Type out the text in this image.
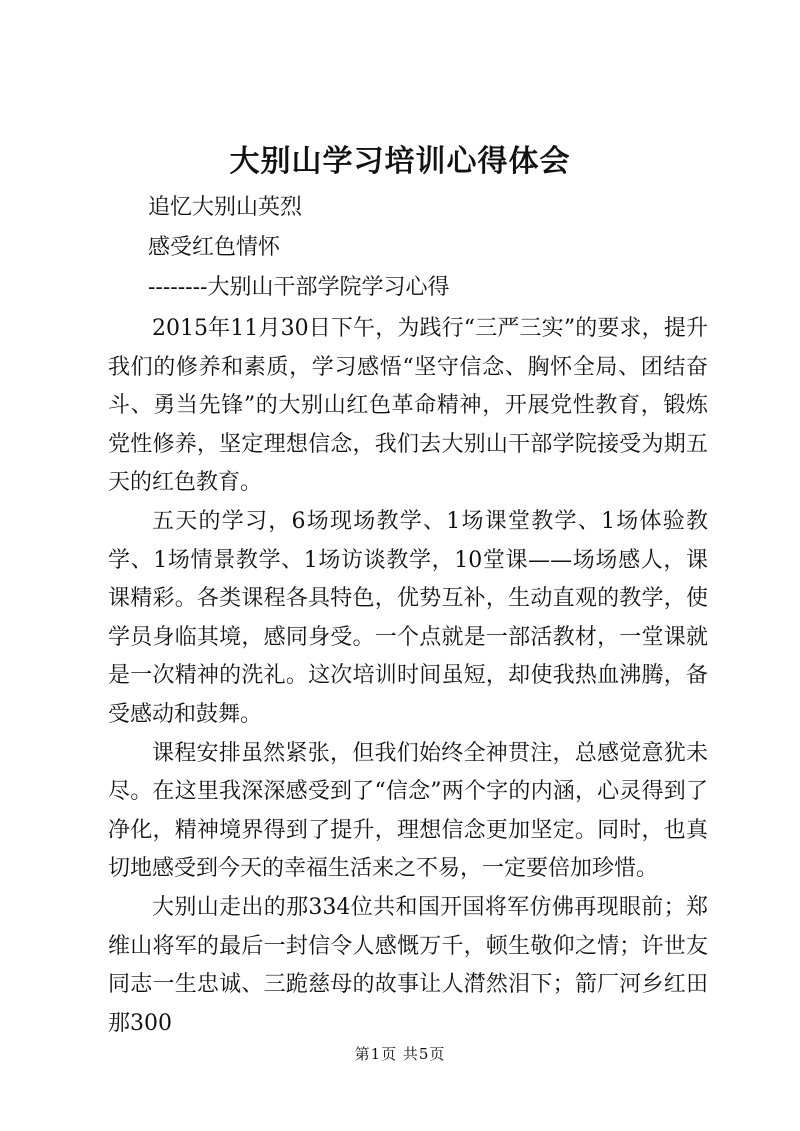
大别山学习培训心得体会

追忆大别山英烈

感受红色情怀

--------大别山干部学院学习心得

2015年11月30日下午，为践行“三严三实”的要求，提升我们的修养和素质，学习感悟“坚守信念、胸怀全局、团结奋斗、勇当先锋”的大别山红色革命精神，开展党性教育，锻炼党性修养，坚定理想信念，我们去大别山干部学院接受为期五天的红色教育。

五天的学习，6场现场教学、1场课堂教学、1场体验教学、1场情景教学、1场访谈教学，10堂课——场场感人，课课精彩。各类课程各具特色，优势互补，生动直观的教学，使学员身临其境，感同身受。一个点就是一部活教材，一堂课就是一次精神的洗礼。这次培训时间虽短，却使我热血沸腾，备受感动和鼓舞。

课程安排虽然紧张，但我们始终全神贯注，总感觉意犹未尽。在这里我深深感受到了“信念”两个字的内涵，心灵得到了净化，精神境界得到了提升，理想信念更加坚定。同时，也真切地感受到今天的幸福生活来之不易，一定要倍加珍惜。

大别山走出的那334位共和国开国将军仿佛再现眼前；郑维山将军的最后一封信令人感慨万千，顿生敬仰之情；许世友同志一生忠诚、三跪慈母的故事让人潸然泪下；箭厂河乡红田那300

第1页 共5页
